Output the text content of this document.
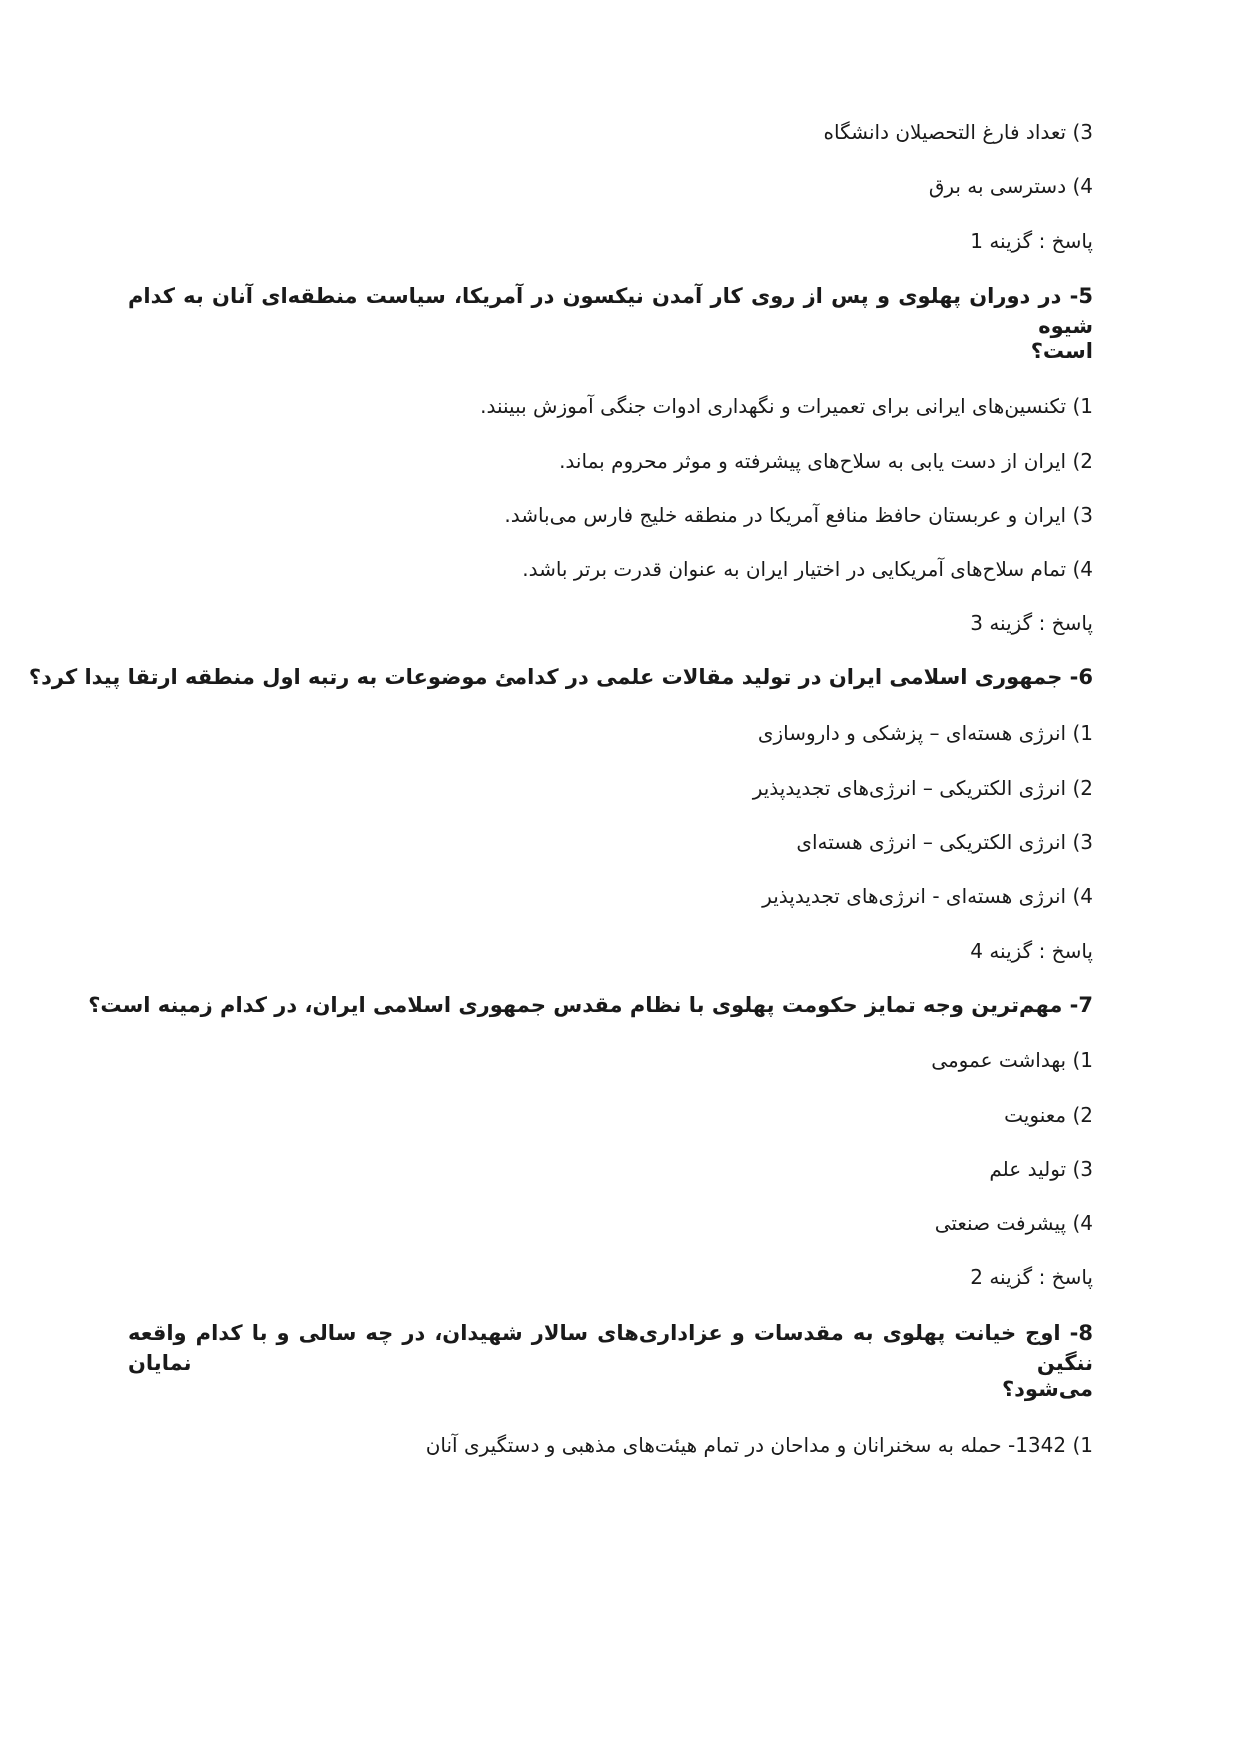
3) تعداد فارغ التحصیلان دانشگاه
4) دسترسی به برق
پاسخ : گزینه 1
5- در دوران پهلوی و پس از روی کار آمدن نیکسون در آمریکا، سیاست منطقه‌ای آنان به کدام شیوه
است؟
1) تکنسین‌های ایرانی برای تعمیرات و نگهداری ادوات جنگی آموزش ببینند.
2) ایران از دست یابی به سلاح‌های پیشرفته و موثر محروم بماند.
3) ایران و عربستان حافظ منافع آمریکا در منطقه خلیج فارس می‌باشد.
4) تمام سلاح‌های آمریکایی در اختیار ایران به عنوان قدرت برتر باشد.
پاسخ : گزینه 3
6- جمهوری اسلامی ایران در تولید مقالات علمی در کدامئ موضوعات به رتبه اول منطقه ارتقا پیدا کرد؟
1) انرژی هسته‌ای – پزشکی و داروسازی
2) انرژی الکتریکی – انرژی‌های تجدیدپذیر
3) انرژی الکتریکی – انرژی هسته‌ای
4) انرژی هسته‌ای - انرژی‌های تجدیدپذیر
پاسخ : گزینه 4
7- مهم‌ترین وجه تمایز حکومت پهلوی با نظام مقدس جمهوری اسلامی ایران، در کدام زمینه است؟
1) بهداشت عمومی
2) معنویت
3) تولید علم
4) پیشرفت صنعتی
پاسخ : گزینه 2
8- اوج خیانت پهلوی به مقدسات و عزاداری‌های سالار شهیدان، در چه سالی و با کدام واقعه ننگین نمایان
می‌شود؟
1) 1342- حمله به سخنرانان و مداحان در تمام هیئت‌های مذهبی و دستگیری آنان
